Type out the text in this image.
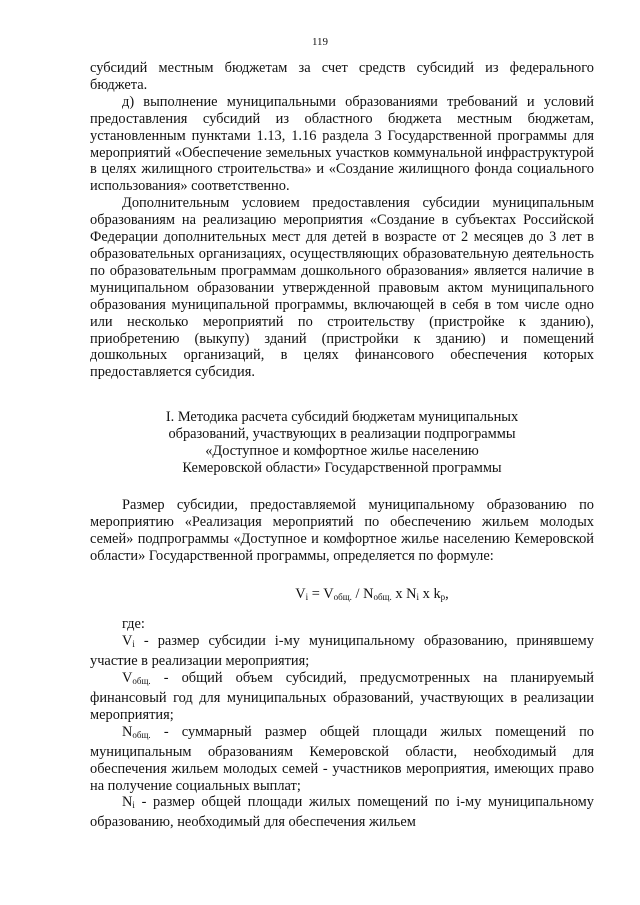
119

субсидий местным бюджетам за счет средств субсидий из федерального бюджета.

д) выполнение муниципальными образованиями требований и условий предоставления субсидий из областного бюджета местным бюджетам, установленным пунктами 1.13, 1.16 раздела 3 Государственной программы для мероприятий «Обеспечение земельных участков коммунальной инфраструктурой в целях жилищного строительства» и «Создание жилищного фонда социального использования» соответственно.

Дополнительным условием предоставления субсидии муниципальным образованиям на реализацию мероприятия «Создание в субъектах Российской Федерации дополнительных мест для детей в возрасте от 2 месяцев до 3 лет в образовательных организациях, осуществляющих образовательную деятельность по образовательным программам дошкольного образования» является наличие в муниципальном образовании утвержденной правовым актом муниципального образования муниципальной программы, включающей в себя в том числе одно или несколько мероприятий по строительству (пристройке к зданию), приобретению (выкупу) зданий (пристройки к зданию) и помещений дошкольных организаций, в целях финансового обеспечения которых предоставляется субсидия.

I. Методика расчета субсидий бюджетам муниципальных
образований, участвующих в реализации подпрограммы
«Доступное и комфортное жилье населению
Кемеровской области» Государственной программы

Размер субсидии, предоставляемой муниципальному образованию по мероприятию «Реализация мероприятий по обеспечению жильем молодых семей» подпрограммы «Доступное и комфортное жилье населению Кемеровской области» Государственной программы, определяется по формуле:

$V_i = V_{общ.} / N_{общ.}$ x $N_i$ x $k_p$,

где:

$V_i$ - размер субсидии i-му муниципальному образованию, принявшему участие в реализации мероприятия;

$V_{общ.}$ - общий объем субсидий, предусмотренных на планируемый финансовый год для муниципальных образований, участвующих в реализации мероприятия;

$N_{общ.}$ - суммарный размер общей площади жилых помещений по муниципальным образованиям Кемеровской области, необходимый для обеспечения жильем молодых семей - участников мероприятия, имеющих право на получение социальных выплат;

$N_i$ - размер общей площади жилых помещений по i-му муниципальному образованию, необходимый для обеспечения жильем
